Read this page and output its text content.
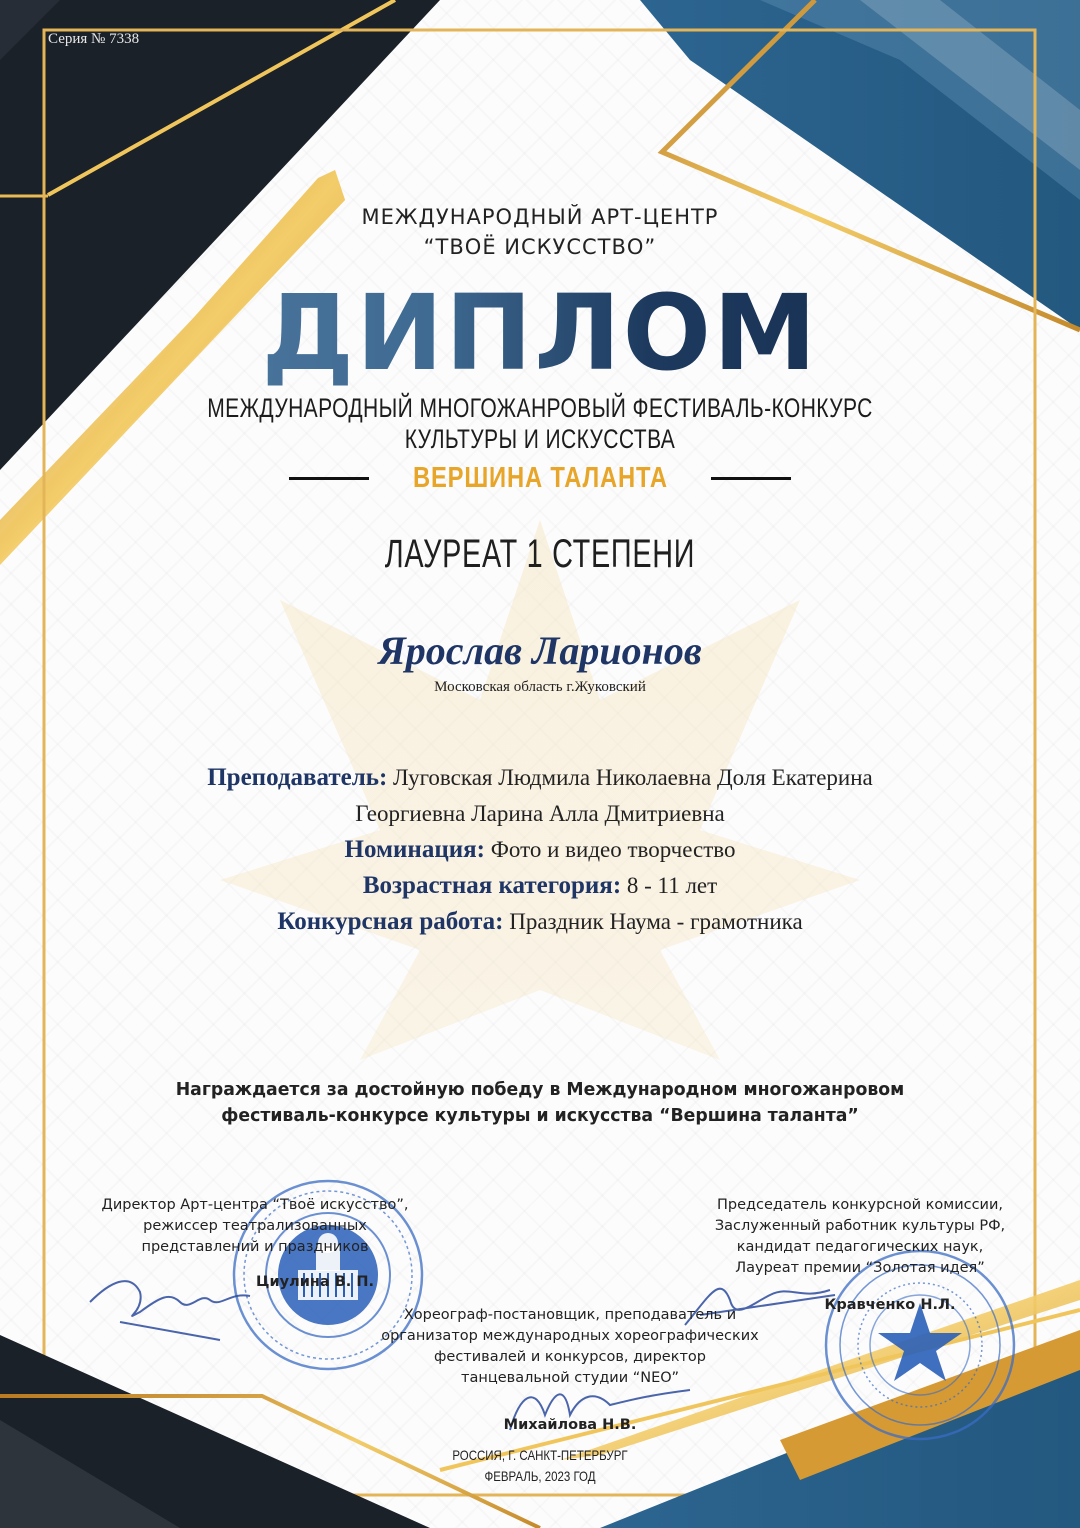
Серия № 7338
МЕЖДУНАРОДНЫЙ АРТ-ЦЕНТР
“ТВОЁ ИСКУССТВО”
ДИПЛОМ
МЕЖДУНАРОДНЫЙ МНОГОЖАНРОВЫЙ ФЕСТИВАЛЬ-КОНКУРС
КУЛЬТУРЫ И ИСКУССТВА
ВЕРШИНА ТАЛАНТА
ЛАУРЕАТ 1 СТЕПЕНИ
Ярослав Ларионов
Московская область г.Жуковский
Преподаватель: Луговская Людмила Николаевна Доля Екатерина
Георгиевна Ларина Алла Дмитриевна
Номинация: Фото и видео творчество
Возрастная категория: 8 - 11 лет
Конкурсная работа: Праздник Наума - грамотника
Награждается за достойную победу в Международном многожанровом
фестиваль-конкурсе культуры и искусства “Вершина таланта”
Директор Арт-центра “Твоё искусство”,
режиссер театрализованных
представлений и праздников
Циулина В. П.
Председатель конкурсной комиссии,
Заслуженный работник культуры РФ,
кандидат педагогических наук,
Лауреат премии “Золотая идея”
Кравченко Н.Л.
Хореограф-постановщик, преподаватель и
организатор международных хореографических
фестивалей и конкурсов, директор
танцевальной студии “NEO”
Михайлова Н.В.
РОССИЯ, Г. САНКТ-ПЕТЕРБУРГ
ФЕВРАЛЬ, 2023 ГОД
